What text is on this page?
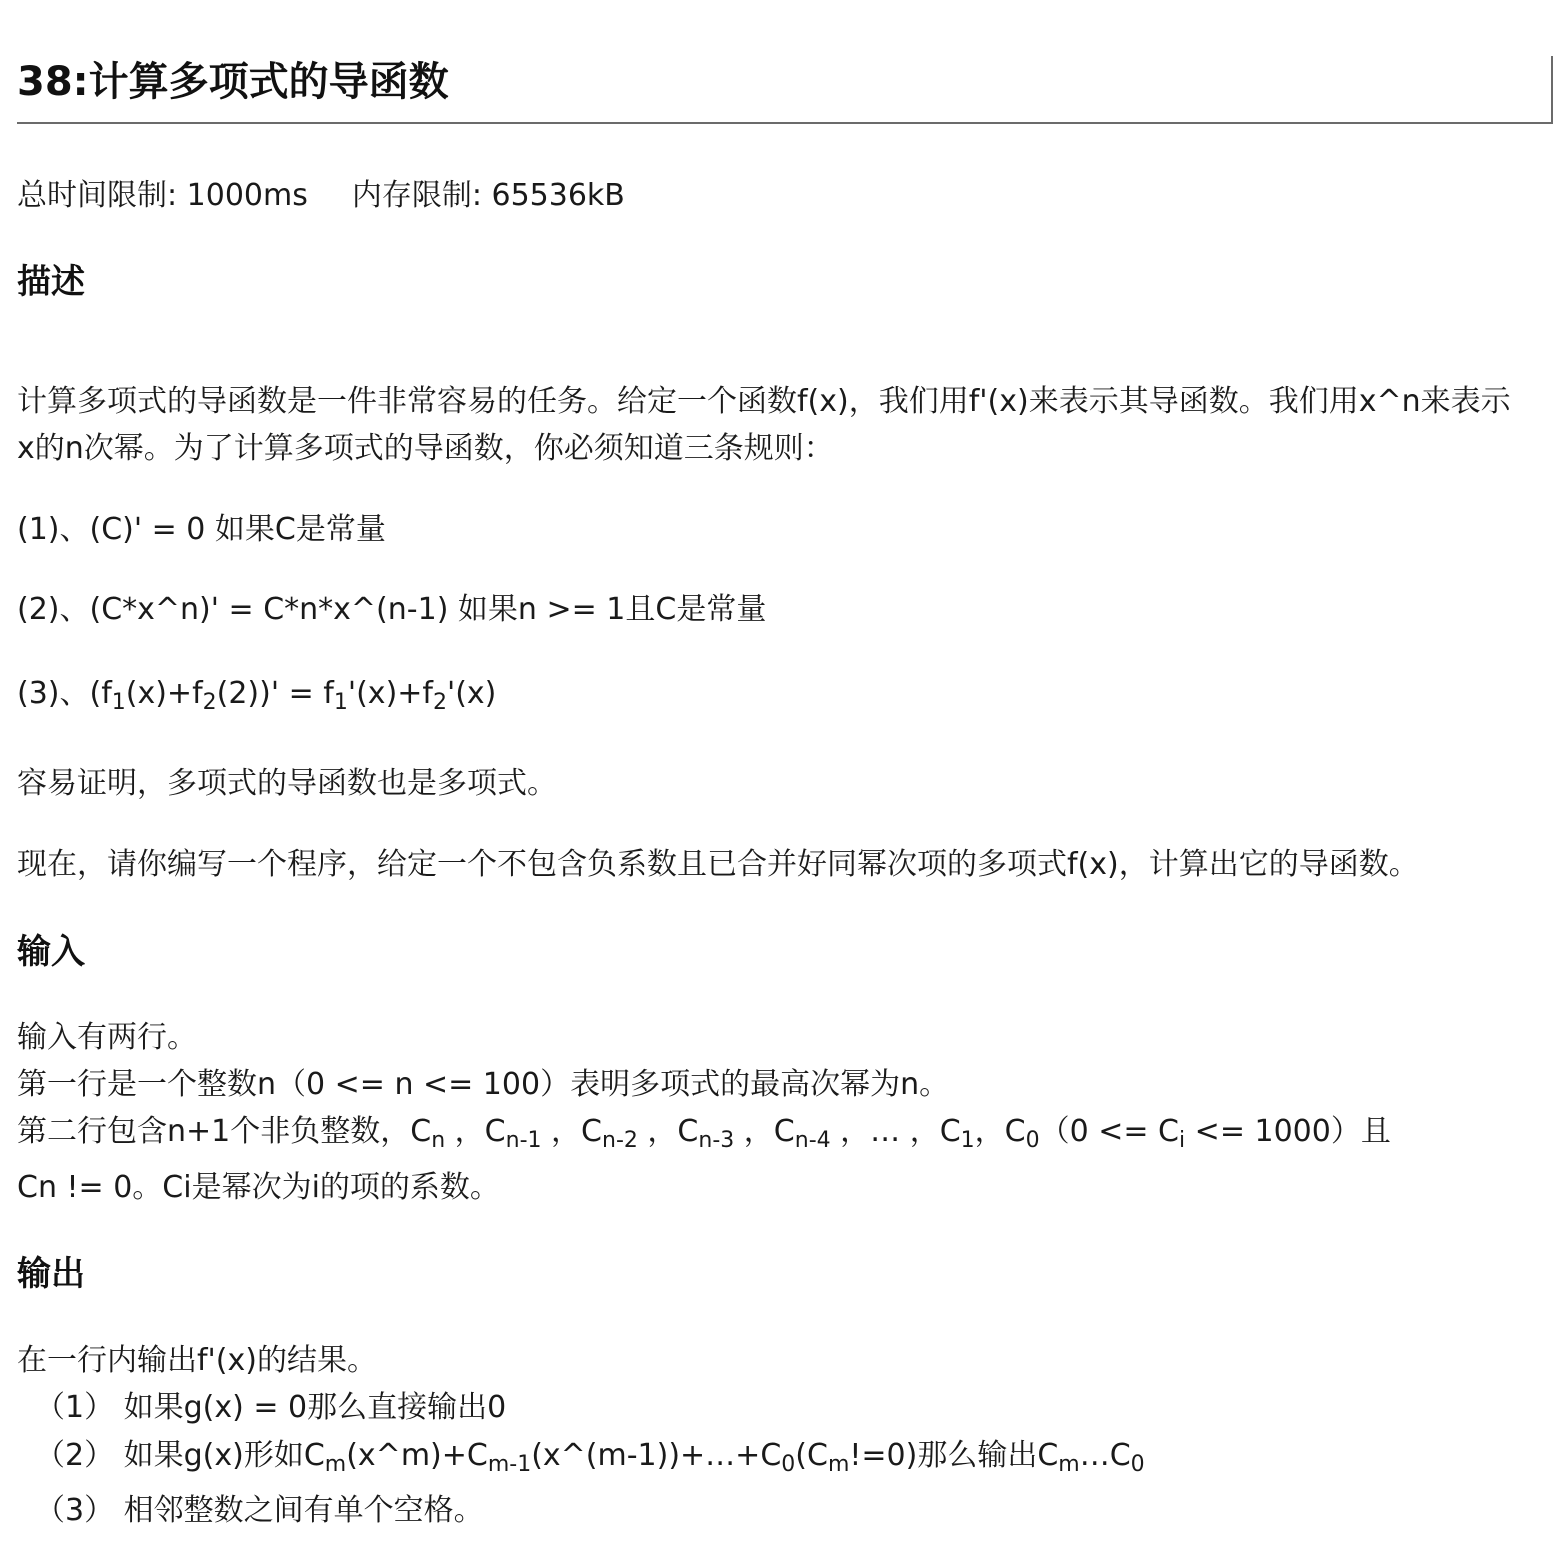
38:计算多项式的导函数
总时间限制: 1000ms 内存限制: 65536kB
描述

计算多项式的导函数是一件非常容易的任务。给定一个函数f(x)，我们用f'(x)来表示其导函数。我们用x^n来表示x的n次幂。为了计算多项式的导函数，你必须知道三条规则：

(1)、(C)' = 0 如果C是常量

(2)、(C*x^n)' = C*n*x^(n-1) 如果n >= 1且C是常量

(3)、$(f_1(x)+f_2(2))' = f_1'(x)+f_2'(x)$

容易证明，多项式的导函数也是多项式。

现在，请你编写一个程序，给定一个不包含负系数且已合并好同幂次项的多项式f(x)，计算出它的导函数。

输入

输入有两行。

第一行是一个整数n（0 <= n <= 100）表明多项式的最高次幂为n。

第二行包含n+1个非负整数，$C_n$ ，$C_{n-1}$ ，$C_{n-2}$ ，$C_{n-3}$ ，$C_{n-4}$ ，… ，$C_1$，$C_0(0 <= C_i <= 1000)$且

Cn != 0。Ci是幂次为i的项的系数。

输出

在一行内输出f'(x)的结果。

（1） 如果g(x) = 0那么直接输出0

（2） 如果g(x)形如$C_m(x\^{}m)+C_{m-1}(x\^{}(m-1))+\dots+C_0(C_m!=0)$那么输出$C_m\dots C_0$

（3） 相邻整数之间有单个空格。
